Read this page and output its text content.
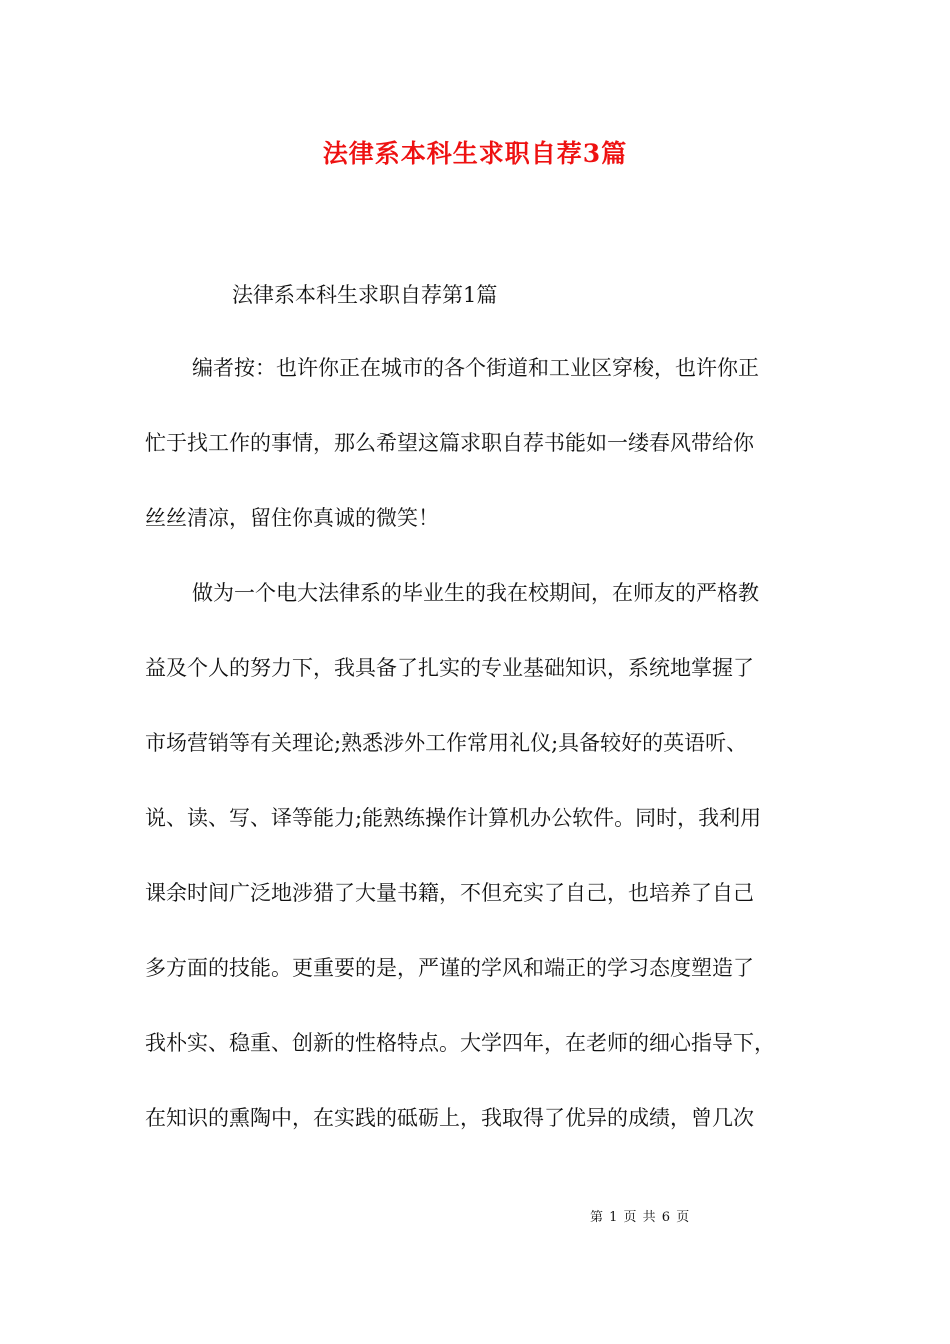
法律系本科生求职自荐3篇
法律系本科生求职自荐第1篇
编者按：也许你正在城市的各个街道和工业区穿梭，也许你正
忙于找工作的事情，那么希望这篇求职自荐书能如一缕春风带给你
丝丝清凉，留住你真诚的微笑！
做为一个电大法律系的毕业生的我在校期间，在师友的严格教
益及个人的努力下，我具备了扎实的专业基础知识，系统地掌握了
市场营销等有关理论;熟悉涉外工作常用礼仪;具备较好的英语听、
说、读、写、译等能力;能熟练操作计算机办公软件。同时，我利用
课余时间广泛地涉猎了大量书籍，不但充实了自己，也培养了自己
多方面的技能。更重要的是，严谨的学风和端正的学习态度塑造了
我朴实、稳重、创新的性格特点。大学四年，在老师的细心指导下，
在知识的熏陶中，在实践的砥砺上，我取得了优异的成绩，曾几次
第 1 页 共 6 页
